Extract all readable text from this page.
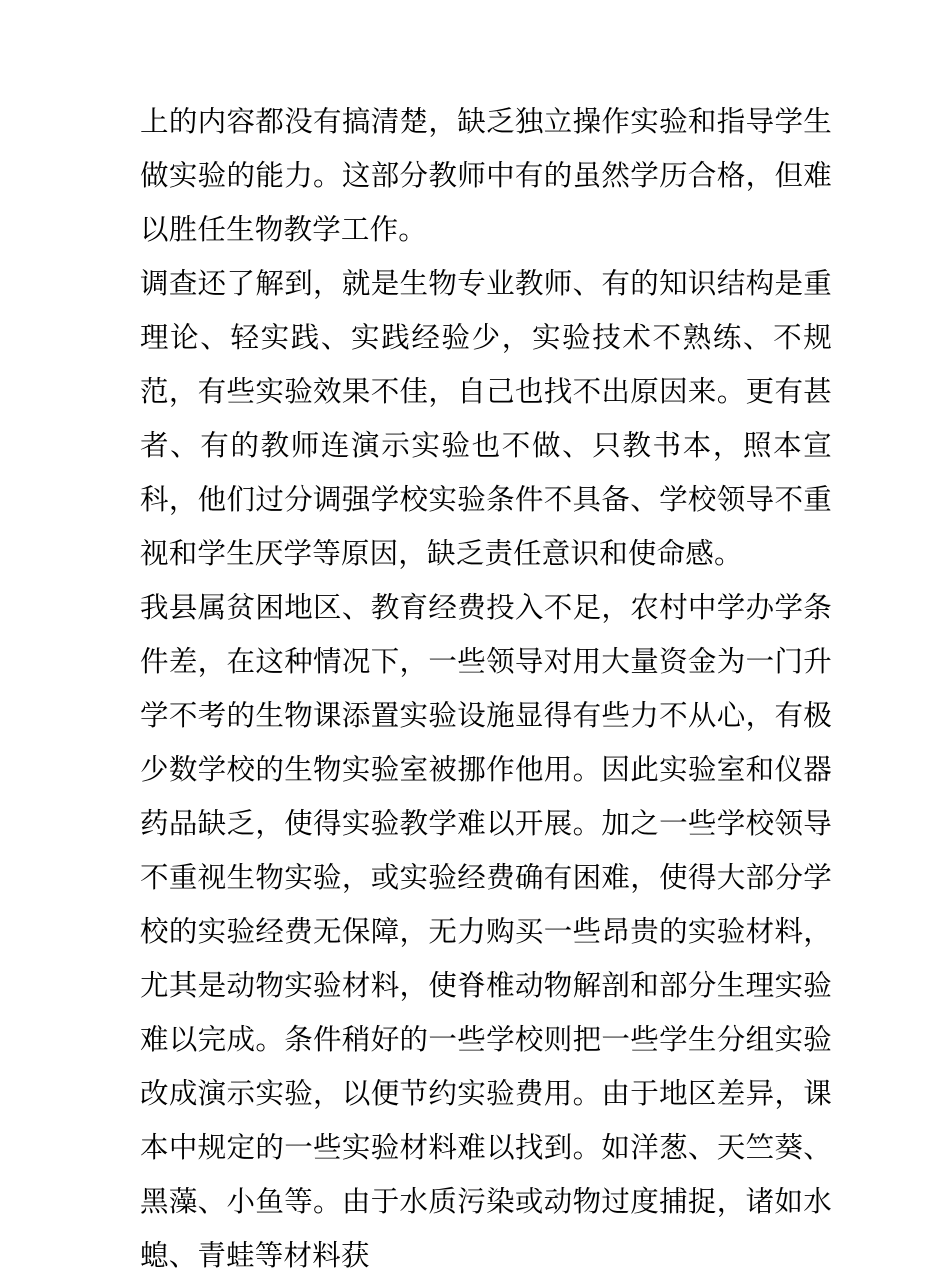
上的内容都没有搞清楚，缺乏独立操作实验和指导学生做实验的能力。这部分教师中有的虽然学历合格，但难以胜任生物教学工作。

调查还了解到，就是生物专业教师、有的知识结构是重理论、轻实践、实践经验少，实验技术不熟练、不规范，有些实验效果不佳，自己也找不出原因来。更有甚者、有的教师连演示实验也不做、只教书本，照本宣科，他们过分调强学校实验条件不具备、学校领导不重视和学生厌学等原因，缺乏责任意识和使命感。

我县属贫困地区、教育经费投入不足，农村中学办学条件差，在这种情况下，一些领导对用大量资金为一门升学不考的生物课添置实验设施显得有些力不从心，有极少数学校的生物实验室被挪作他用。因此实验室和仪器药品缺乏，使得实验教学难以开展。加之一些学校领导不重视生物实验，或实验经费确有困难，使得大部分学校的实验经费无保障，无力购买一些昂贵的实验材料，尤其是动物实验材料，使脊椎动物解剖和部分生理实验难以完成。条件稍好的一些学校则把一些学生分组实验改成演示实验，以便节约实验费用。由于地区差异，课本中规定的一些实验材料难以找到。如洋葱、天竺葵、黑藻、小鱼等。由于水质污染或动物过度捕捉，诸如水螅、青蛙等材料获
